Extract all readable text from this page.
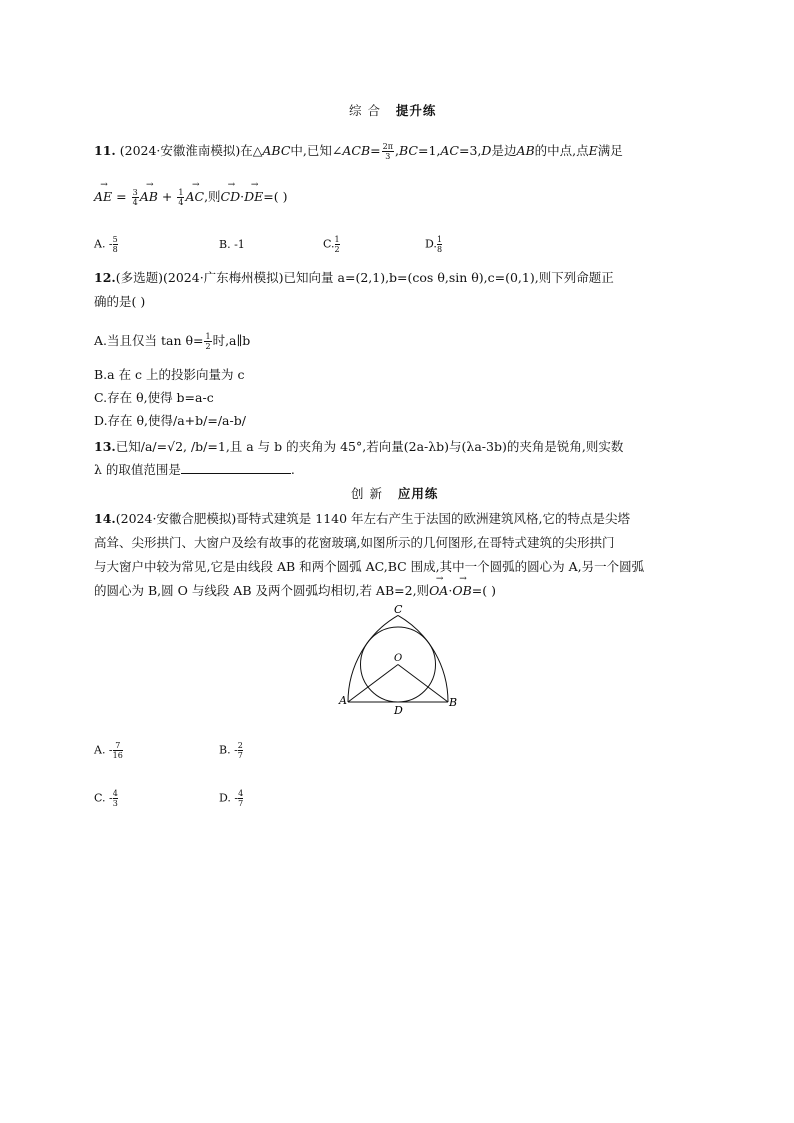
综 合 提升练
11. (2024·安徽淮南模拟)在△ABC中,已知∠ACB= $\frac{2\pi}{3} ,BC=1,AC=3,D$是边AB的中点,点E满足
→ AE = $\frac{3}{4}$ → AB + $\frac{1}{4}$ → AC,则→ CD·→ DE=( )
A. - $\frac{5}{8}$	B. -1	C. $\frac{1}{2}$	D. $\frac{1}{8}$
12.(多选题)(2024·广东梅州模拟)已知向量 a=(2,1),b=(cos θ,sin θ),c=(0,1),则下列命题正
确的是( )
A.当且仅当 $\tan \theta= \frac{1}{2}$ 时,a∥b
B.a 在 c 上的投影向量为 c
C.存在 θ,使得 b=a-c
D.存在 θ,使得/a+b/=/a-b/
13.已知/a/=√2, /b/=1,且 a 与 b 的夹角为 45°,若向量(2a-λb)与(λa-3b)的夹角是锐角,则实数
λ 的取值范围是	.
创 新 应用练
14.(2024·安徽合肥模拟)哥特式建筑是 1140 年左右产生于法国的欧洲建筑风格,它的特点是尖塔
高耸、尖形拱门、大窗户及绘有故事的花窗玻璃,如图所示的几何图形,在哥特式建筑的尖形拱门
与大窗户中较为常见,它是由线段 AB 和两个圆弧 AC,BC 围成,其中一个圆弧的圆心为 A,另一个圆弧
的圆心为 B,圆 O 与线段 AB 及两个圆弧均相切,若 AB=2,则→ OA·→ OB=( )
C
O
A	B
D
A. - $\frac{7}{16}$	B. - $\frac{2}{7}$
C. - $\frac{4}{3}$	D. - $\frac{4}{7}$
